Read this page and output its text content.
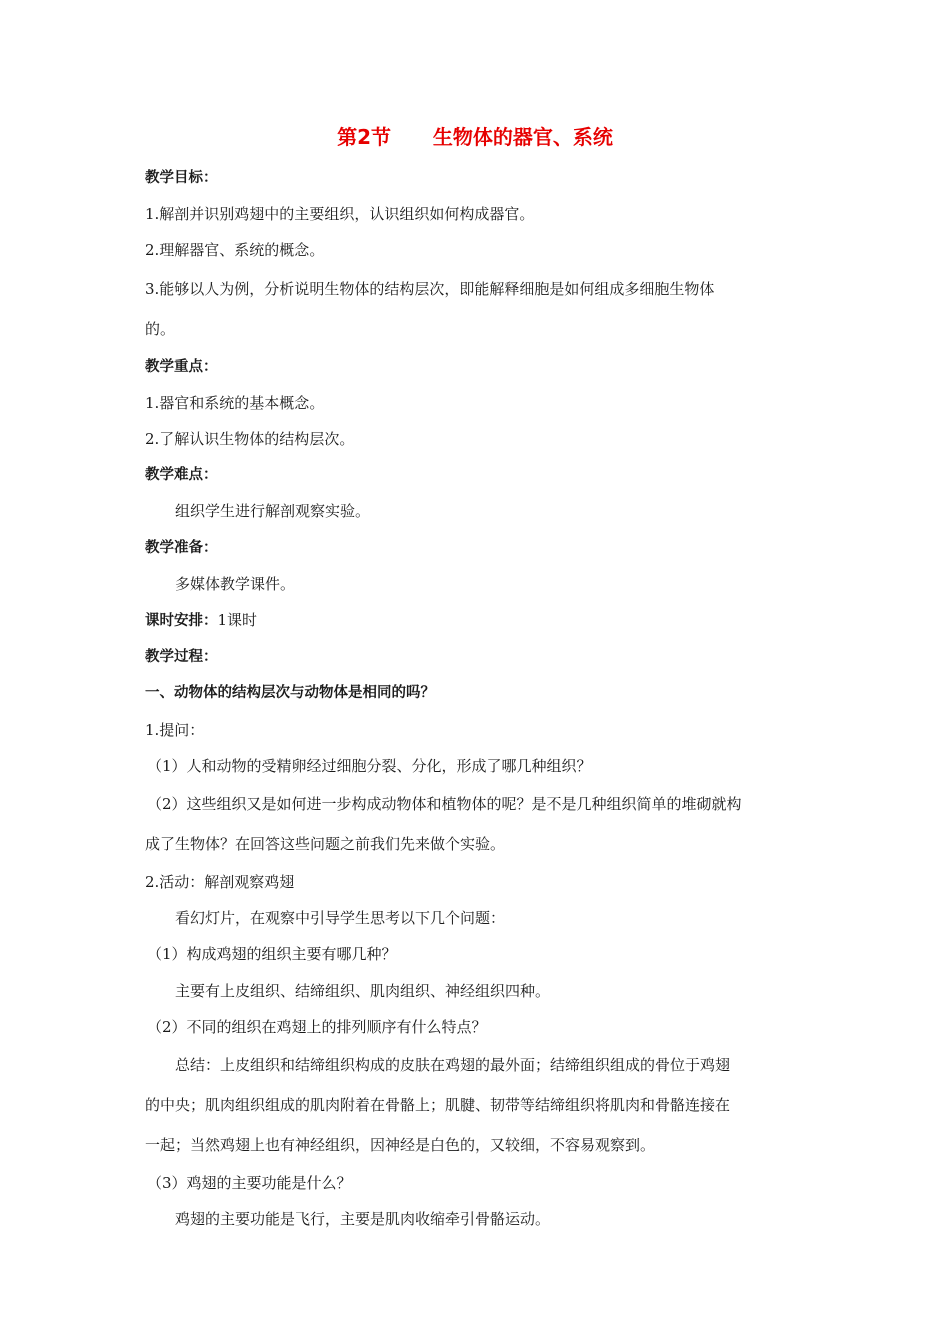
第2节      生物体的器官、系统

教学目标：

1.解剖并识别鸡翅中的主要组织，认识组织如何构成器官。

2.理解器官、系统的概念。

3.能够以人为例，分析说明生物体的结构层次，即能解释细胞是如何组成多细胞生物体

的。

教学重点：

1.器官和系统的基本概念。

2.了解认识生物体的结构层次。

教学难点：

组织学生进行解剖观察实验。

教学准备：

多媒体教学课件。

课时安排：1课时

教学过程：

一、动物体的结构层次与动物体是相同的吗？

1.提问：

（1）人和动物的受精卵经过细胞分裂、分化，形成了哪几种组织？

（2）这些组织又是如何进一步构成动物体和植物体的呢？是不是几种组织简单的堆砌就构

成了生物体？在回答这些问题之前我们先来做个实验。

2.活动：解剖观察鸡翅

看幻灯片，在观察中引导学生思考以下几个问题：

（1）构成鸡翅的组织主要有哪几种？

主要有上皮组织、结缔组织、肌肉组织、神经组织四种。

（2）不同的组织在鸡翅上的排列顺序有什么特点？

总结：上皮组织和结缔组织构成的皮肤在鸡翅的最外面；结缔组织组成的骨位于鸡翅

的中央；肌肉组织组成的肌肉附着在骨骼上；肌腱、韧带等结缔组织将肌肉和骨骼连接在

一起；当然鸡翅上也有神经组织，因神经是白色的，又较细，不容易观察到。

（3）鸡翅的主要功能是什么？

鸡翅的主要功能是飞行，主要是肌肉收缩牵引骨骼运动。
